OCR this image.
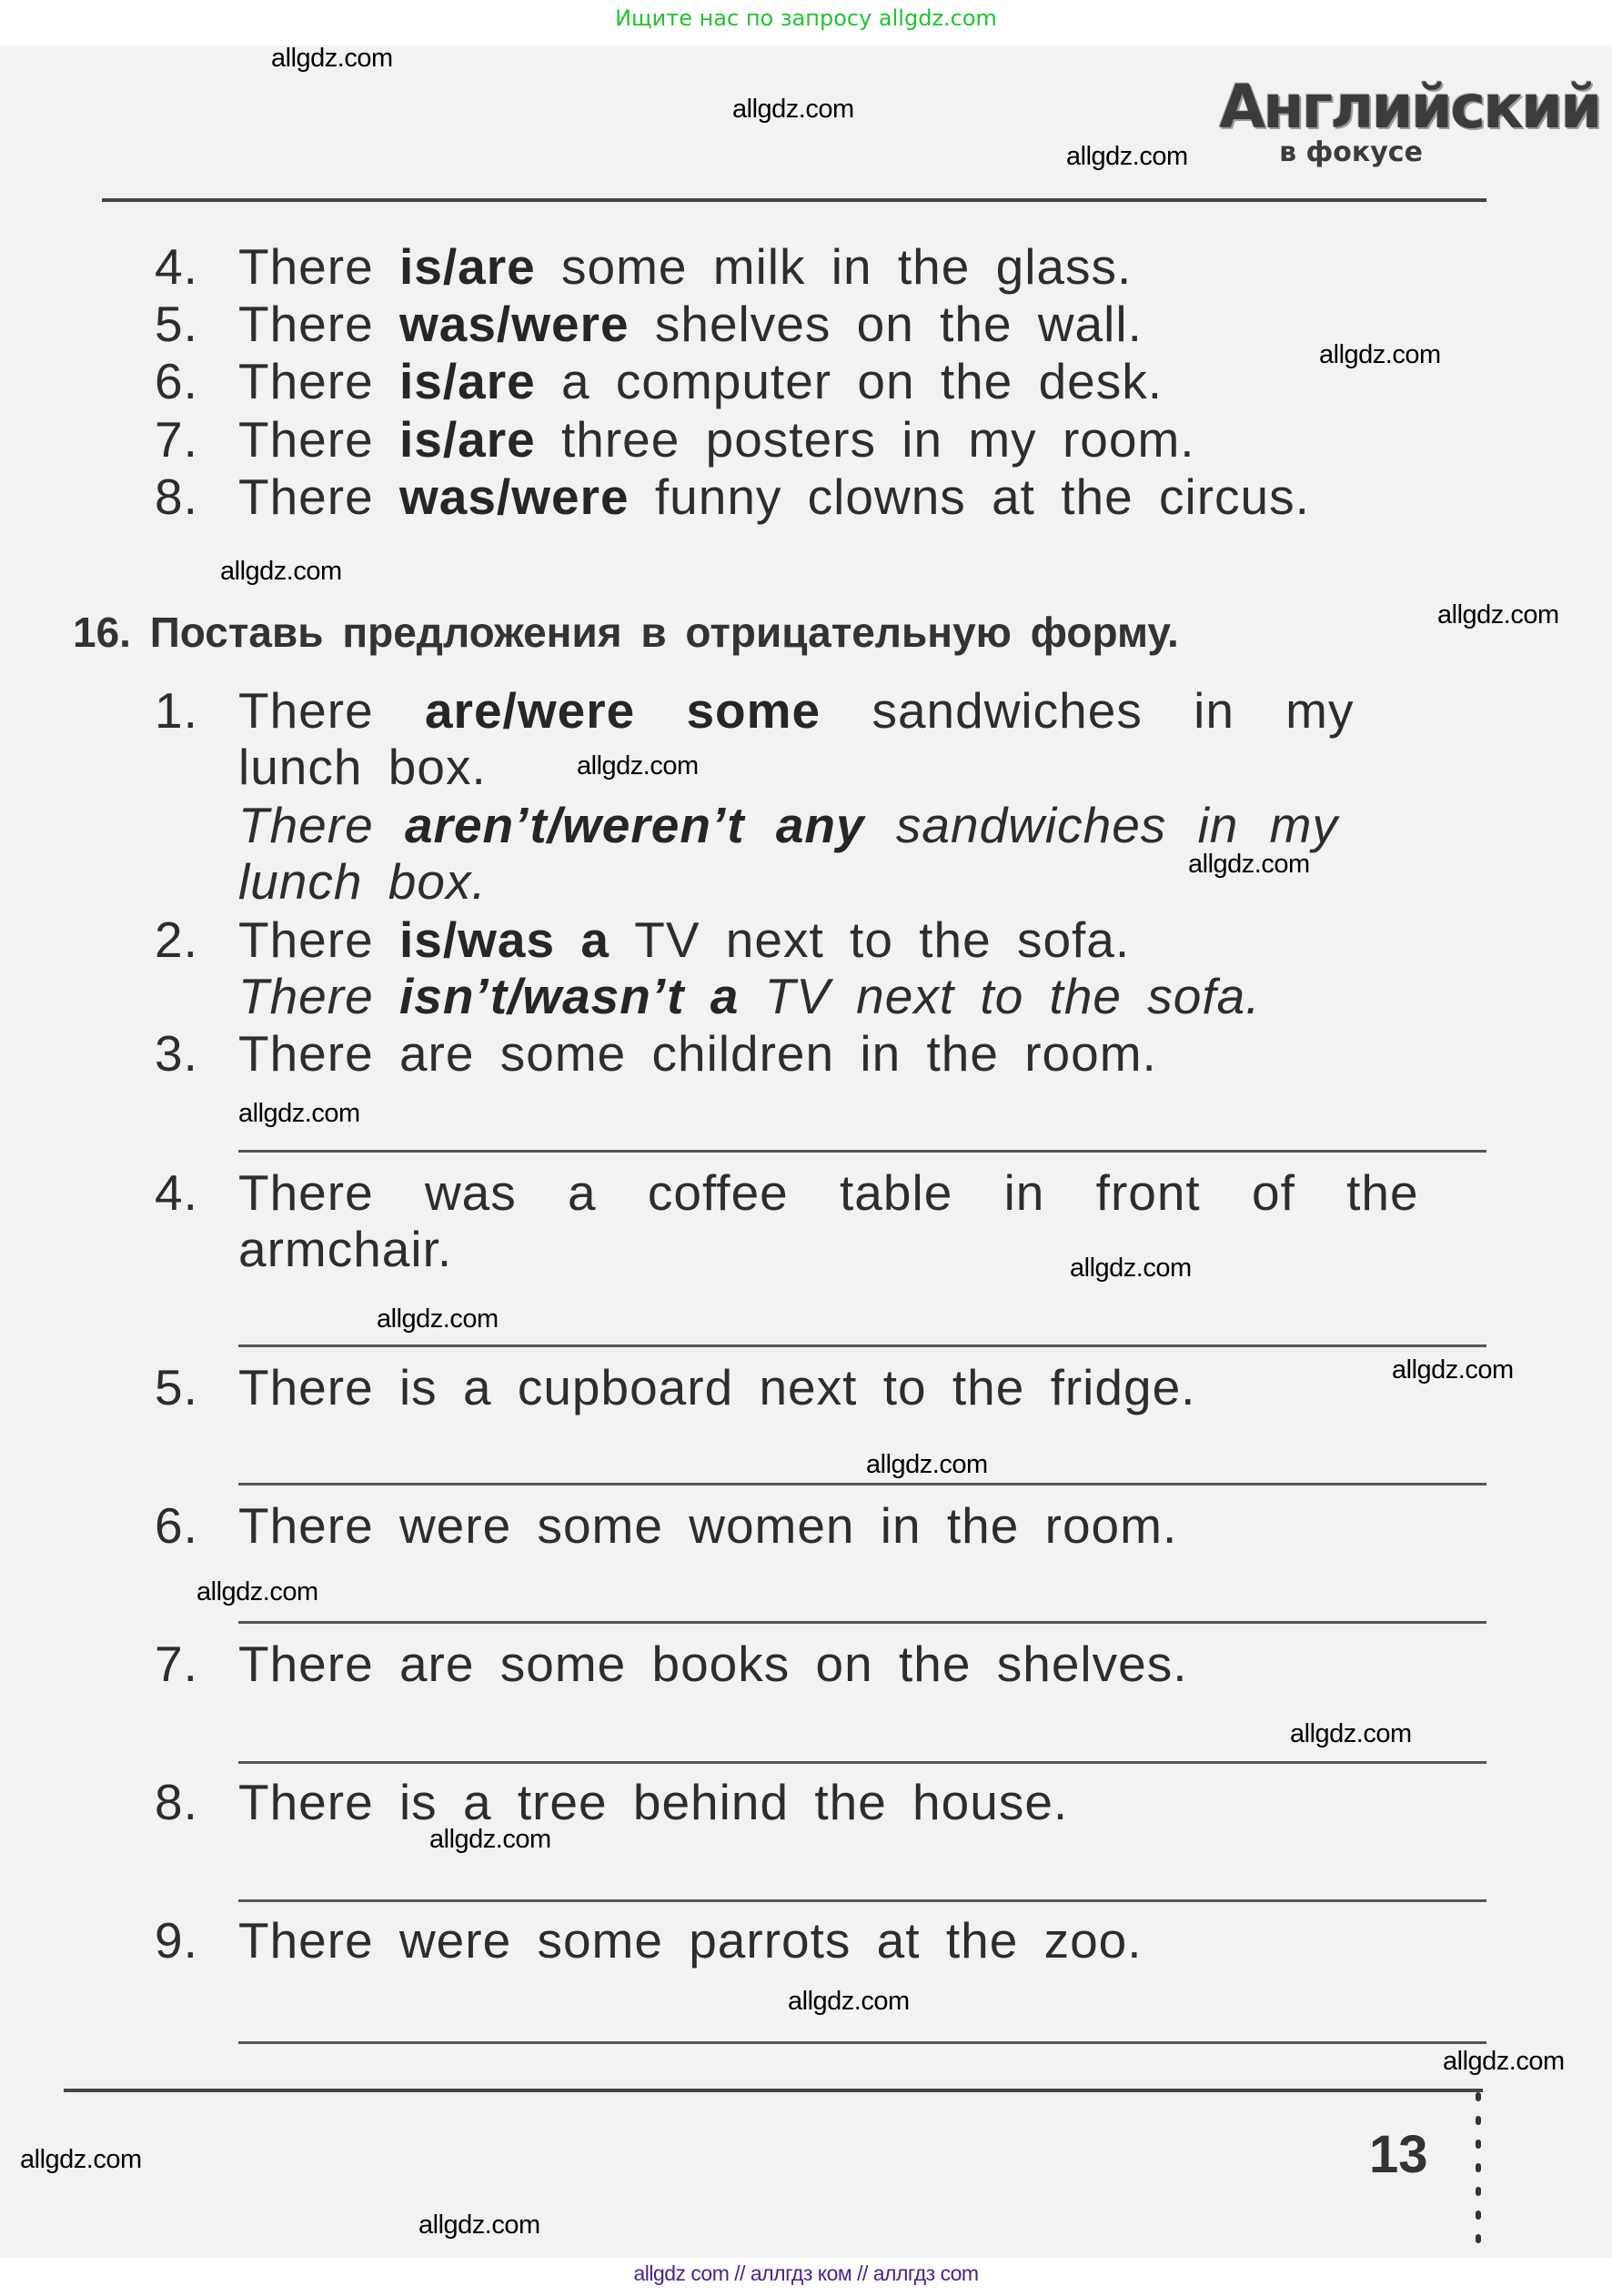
Ищите нас по запросу allgdz.com
Английский
в фокусе
4. There is/are some milk in the glass.
5. There was/were shelves on the wall.
6. There is/are a computer on the desk.
7. There is/are three posters in my room.
8. There was/were funny clowns at the circus.
16. Поставь предложения в отрицательную форму.
1. There are/were some sandwiches in my
lunch box.
There aren’t/weren’t any sandwiches in my
lunch box.
2. There is/was a TV next to the sofa.
There isn’t/wasn’t a TV next to the sofa.
3. There are some children in the room.
4. There was a coffee table in front of the
armchair.
5. There is a cupboard next to the fridge.
6. There were some women in the room.
7. There are some books on the shelves.
8. There is a tree behind the house.
9. There were some parrots at the zoo.
13
allgdz.com
allgdz.com
allgdz.com
allgdz.com
allgdz.com
allgdz.com
allgdz.com
allgdz.com
allgdz.com
allgdz.com
allgdz.com
allgdz.com
allgdz.com
allgdz.com
allgdz.com
allgdz.com
allgdz.com
allgdz.com
allgdz.com
allgdz.com
allgdz com // аллгдз ком // аллгдз com
